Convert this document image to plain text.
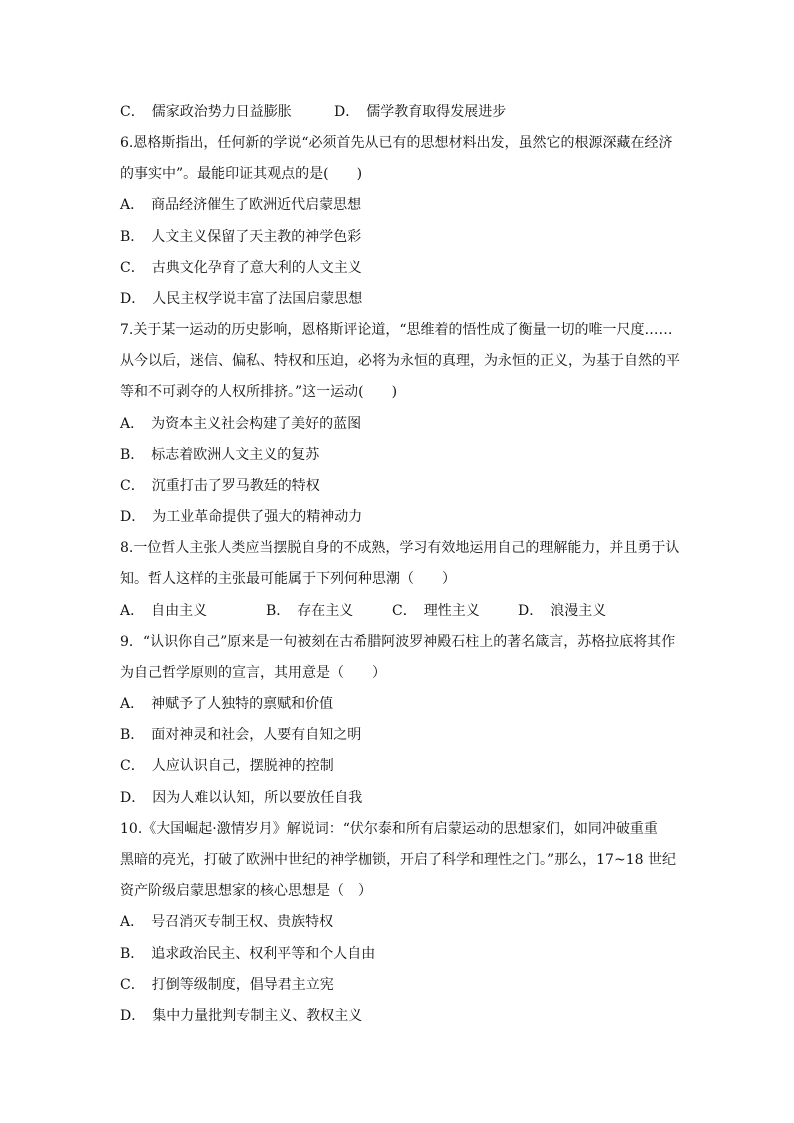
C．　儒家政治势力日益膨胀	D．　儒学教育取得发展进步
6.恩格斯指出，任何新的学说“必须首先从已有的思想材料出发，虽然它的根源深藏在经济
的事实中”。最能印证其观点的是(　　)
A．　商品经济催生了欧洲近代启蒙思想
B．　人文主义保留了天主教的神学色彩
C．　古典文化孕育了意大利的人文主义
D．　人民主权学说丰富了法国启蒙思想
7.关于某一运动的历史影响，恩格斯评论道，“思维着的悟性成了衡量一切的唯一尺度……
从今以后，迷信、偏私、特权和压迫，必将为永恒的真理，为永恒的正义，为基于自然的平
等和不可剥夺的人权所排挤。”这一运动(　　)
A．　为资本主义社会构建了美好的蓝图
B．　标志着欧洲人文主义的复苏
C．　沉重打击了罗马教廷的特权
D．　为工业革命提供了强大的精神动力
8.一位哲人主张人类应当摆脱自身的不成熟，学习有效地运用自己的理解能力，并且勇于认
知。哲人这样的主张最可能属于下列何种思潮（　　）
A．　自由主义	B．　存在主义	C．　理性主义	D．　浪漫主义
9．“认识你自己”原来是一句被刻在古希腊阿波罗神殿石柱上的著名箴言，苏格拉底将其作
为自己哲学原则的宣言，其用意是（　　）
A．　神赋予了人独特的禀赋和价值
B．　面对神灵和社会，人要有自知之明
C．　人应认识自己，摆脱神的控制
D．　因为人难以认知，所以要放任自我
10.《大国崛起·激情岁月》解说词：“伏尔泰和所有启蒙运动的思想家们，如同冲破重重
黑暗的亮光，打破了欧洲中世纪的神学枷锁，开启了科学和理性之门。”那么，17~18 世纪
资产阶级启蒙思想家的核心思想是（　）
A．　号召消灭专制王权、贵族特权
B．　追求政治民主、权利平等和个人自由
C．　打倒等级制度，倡导君主立宪
D．　集中力量批判专制主义、教权主义
